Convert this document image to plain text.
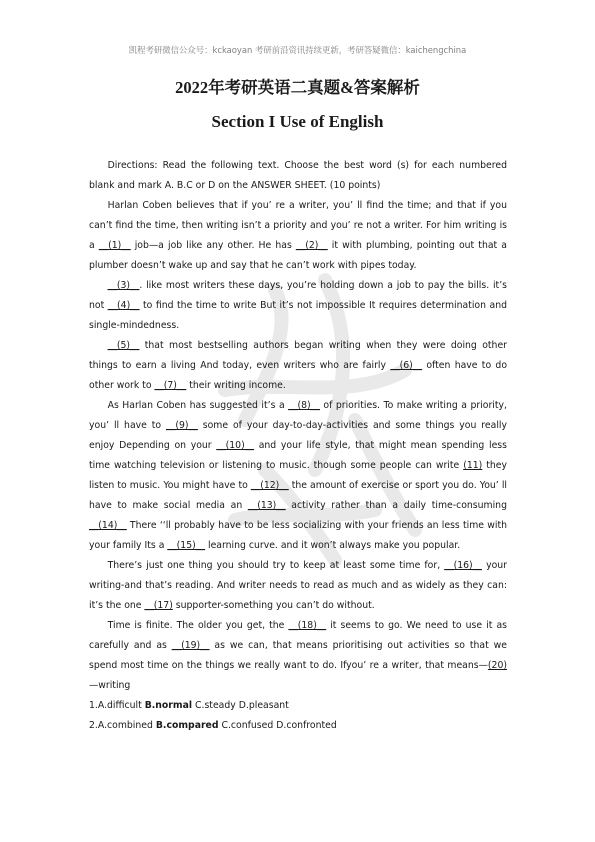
凯程考研微信公众号：kckaoyan 考研前沿资讯持续更新，考研答疑微信：kaichengchina
2022年考研英语二真题&答案解析
Section I Use of English

Directions: Read the following text. Choose the best word (s) for each numbered blank and mark A. B.C or D on the ANSWER SHEET. (10 points)

Harlan Coben believes that if you’ re a writer, you’ ll find the time; and that if you can’t find the time, then writing isn’t a priority and you’ re not a writer. For him writing is a __(1)__ job—a job like any other. He has __(2)__ it with plumbing, pointing out that a plumber doesn’t wake up and say that he can’t work with pipes today.

__(3)__. like most writers these days, you’re holding down a job to pay the bills. it’s not __(4)__ to find the time to write But it’s not impossible It requires determination and single-mindedness.

__(5)__ that most bestselling authors began writing when they were doing other things to earn a living And today, even writers who are fairly __(6)__ often have to do other work to __(7)__ their writing income.

As Harlan Coben has suggested it’s a __(8)__ of priorities. To make writing a priority, you’ ll have to __(9)__ some of your day-to-day-activities and some things you really enjoy Depending on your __(10)__ and your life style, that might mean spending less time watching television or listening to music. though some people can write (11) they listen to music. You might have to __(12)__ the amount of exercise or sport you do. You’ ll have to make social media an __(13)__ activity rather than a daily time-consuming __(14)__ There ‘‘ll probably have to be less socializing with your friends an less time with your family Its a __(15)__ learning curve. and it won’t always make you popular.

There’s just one thing you should try to keep at least some time for, __(16)__ your writing-and that’s reading. And writer needs to read as much and as widely as they can: it’s the one __(17) supporter-something you can’t do without.

Time is finite. The older you get, the __(18)__ it seems to go. We need to use it as carefully and as __(19)__ as we can, that means prioritising out activities so that we spend most time on the things we really want to do. Ifyou’ re a writer, that means—(20) —writing

1.A.difficult B.normal C.steady D.pleasant

2.A.combined B.compared C.confused D.confronted
